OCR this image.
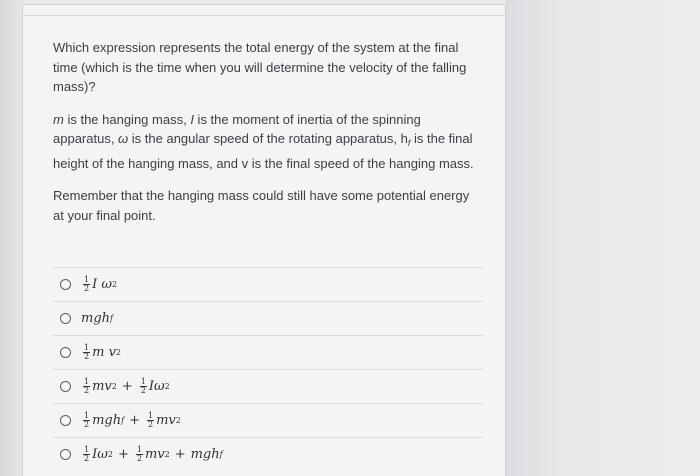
Which expression represents the total energy of the system at the final time (which is the time when you will determine the velocity of the falling mass)?

m is the hanging mass, I is the moment of inertia of the spinning apparatus, ω is the angular speed of the rotating apparatus, $h_f$ is the final height of the hanging mass, and v is the final speed of the hanging mass.

Remember that the hanging mass could still have some potential energy at your final point.

$\frac{1}{2}$ I
ω 2
mgh f
$\frac{1}{2}$ m
v 2
$\frac{1}{2}$ mv $2 + \frac{1}{2}$ I ω 2
$\frac{1}{2}$ mgh $f + \frac{1}{2}$ mv 2
$\frac{1}{2}$ I ω $2 + \frac{1}{2}$ mv 2 + mgh f
